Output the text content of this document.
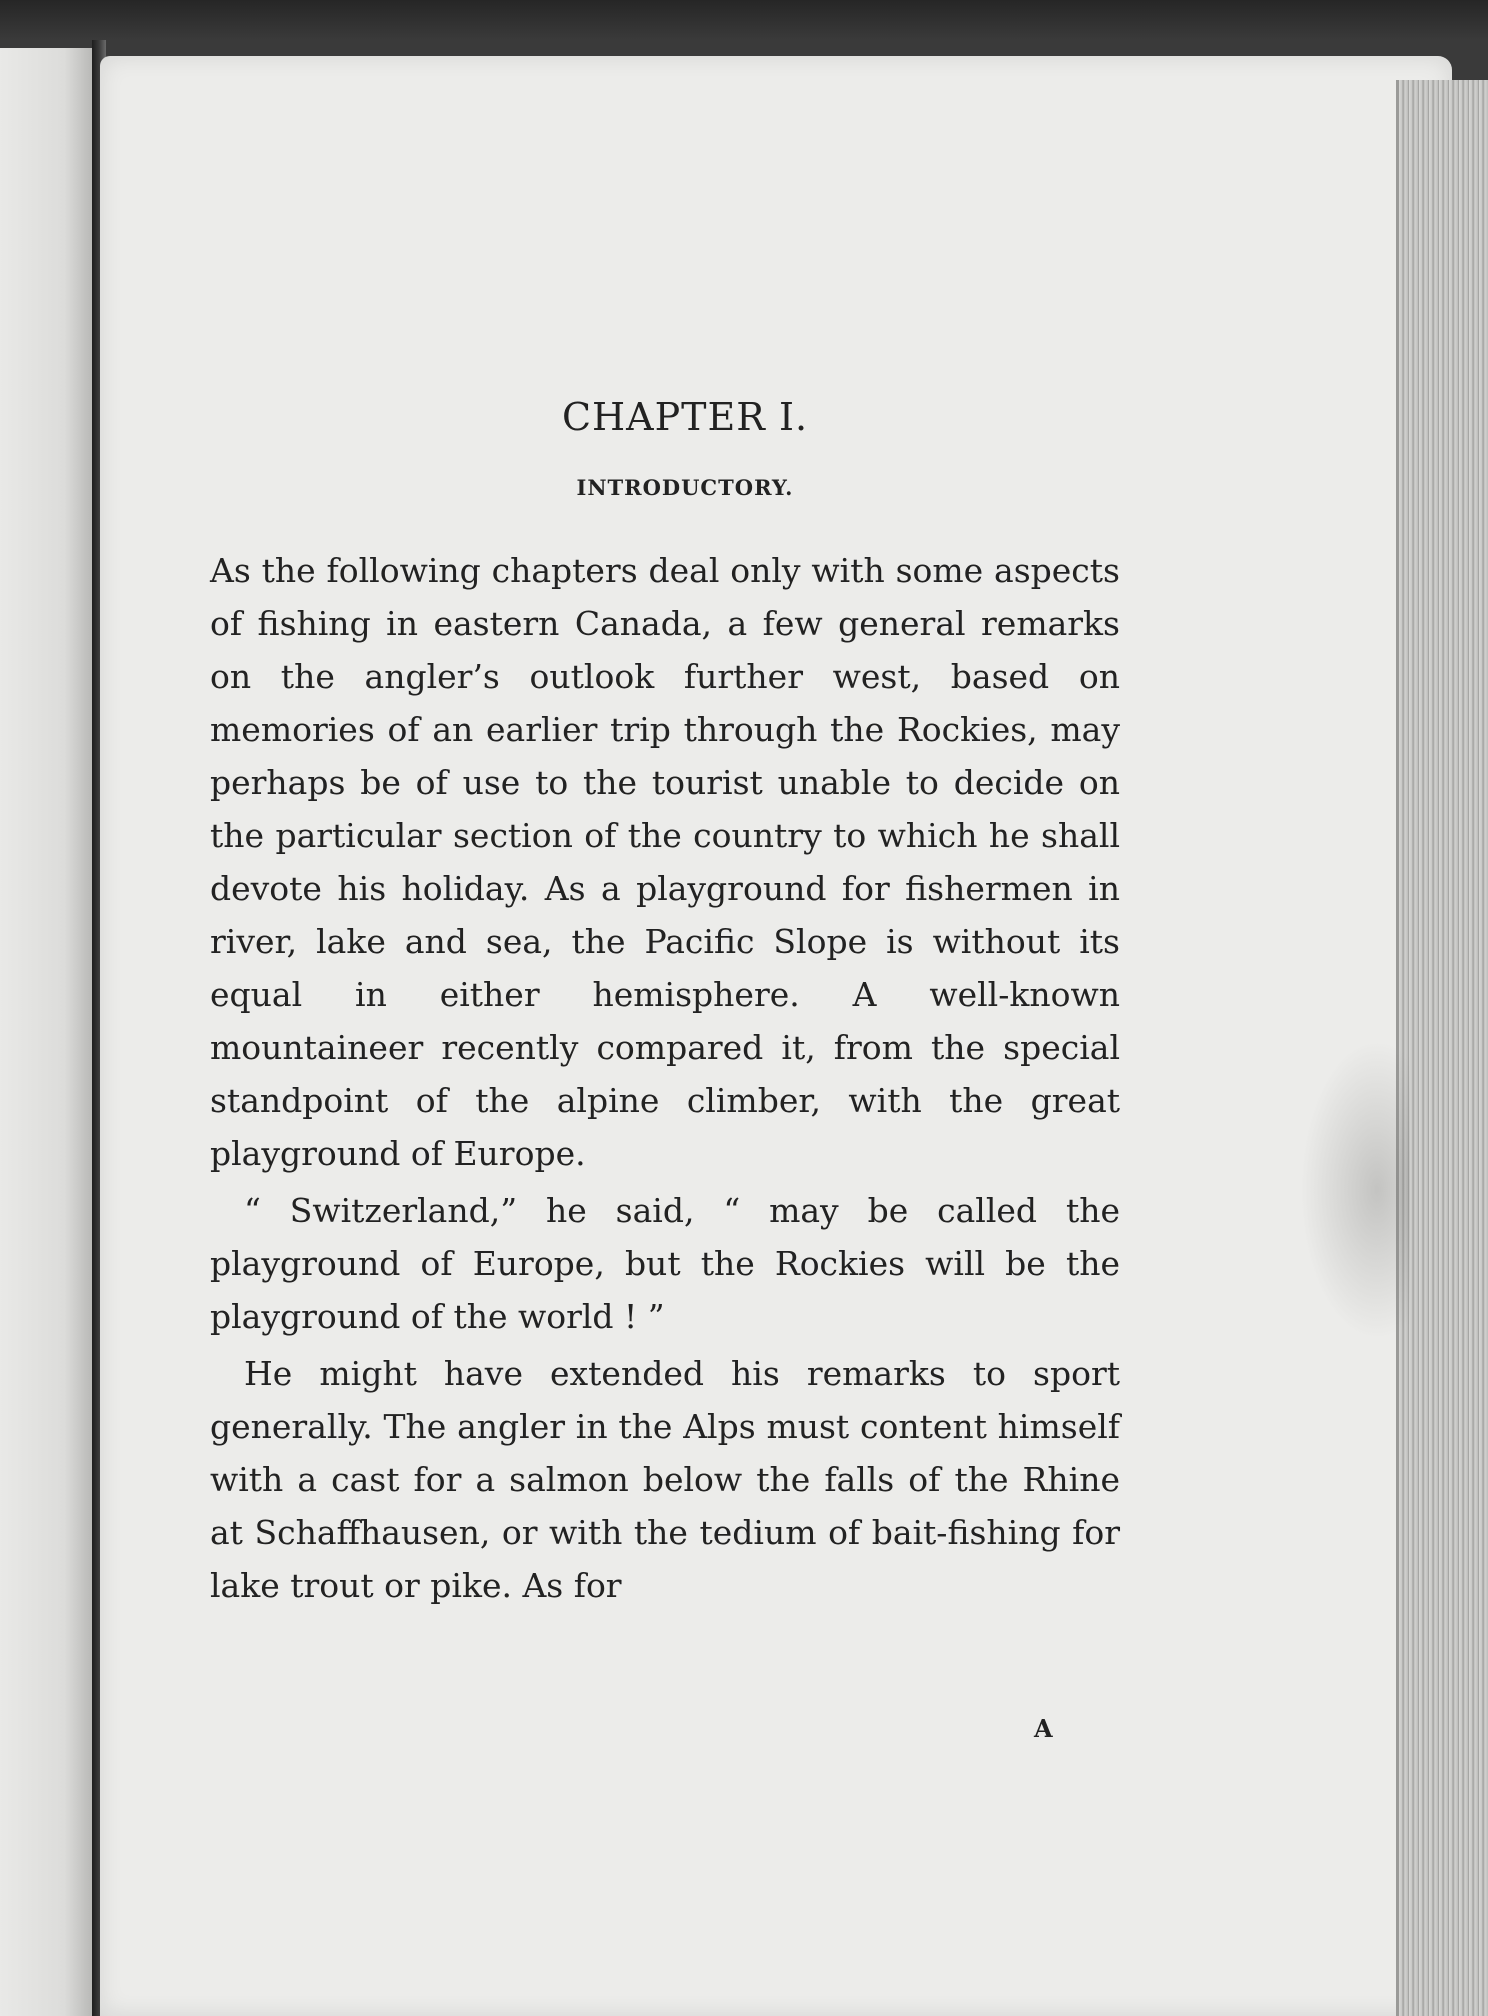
CHAPTER I.
INTRODUCTORY.

As the following chapters deal only with some aspects of fishing in eastern Canada, a few general remarks on the angler’s outlook further west, based on memories of an earlier trip through the Rockies, may perhaps be of use to the tourist unable to decide on the particular section of the country to which he shall devote his holiday. As a playground for fishermen in river, lake and sea, the Pacific Slope is without its equal in either hemisphere. A well-known mountaineer recently compared it, from the special standpoint of the alpine climber, with the great playground of Europe.

“ Switzerland,” he said, “ may be called the playground of Europe, but the Rockies will be the playground of the world ! ”

He might have extended his remarks to sport generally. The angler in the Alps must content himself with a cast for a salmon below the falls of the Rhine at Schaffhausen, or with the tedium of bait-fishing for lake trout or pike. As for

A
